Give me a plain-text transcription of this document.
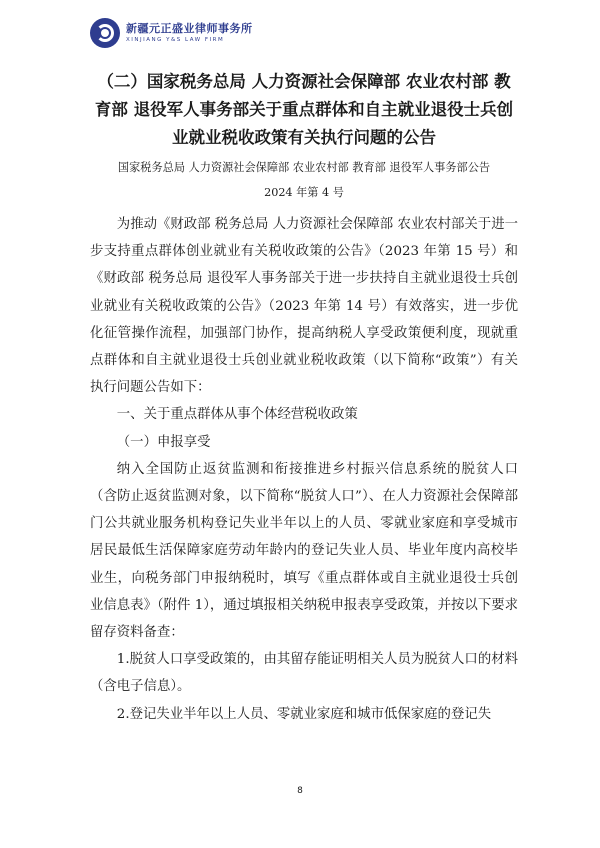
新疆元正盛业律师事务所
XINJIANG Y&S LAW FIRM
（二）国家税务总局 人力资源社会保障部 农业农村部 教育部 退役军人事务部关于重点群体和自主就业退役士兵创业就业税收政策有关执行问题的公告

国家税务总局 人力资源社会保障部 农业农村部 教育部 退役军人事务部公告

2024 年第 4 号

为推动《财政部 税务总局 人力资源社会保障部 农业农村部关于进一步支持重点群体创业就业有关税收政策的公告》（2023 年第 15 号）和《财政部 税务总局 退役军人事务部关于进一步扶持自主就业退役士兵创业就业有关税收政策的公告》（2023 年第 14 号）有效落实，进一步优化征管操作流程，加强部门协作，提高纳税人享受政策便利度，现就重点群体和自主就业退役士兵创业就业税收政策（以下简称“政策”）有关执行问题公告如下：

一、关于重点群体从事个体经营税收政策

（一）申报享受

纳入全国防止返贫监测和衔接推进乡村振兴信息系统的脱贫人口（含防止返贫监测对象，以下简称“脱贫人口”）、在人力资源社会保障部门公共就业服务机构登记失业半年以上的人员、零就业家庭和享受城市居民最低生活保障家庭劳动年龄内的登记失业人员、毕业年度内高校毕业生，向税务部门申报纳税时，填写《重点群体或自主就业退役士兵创业信息表》（附件 1），通过填报相关纳税申报表享受政策，并按以下要求留存资料备查：

1.脱贫人口享受政策的，由其留存能证明相关人员为脱贫人口的材料（含电子信息）。

2.登记失业半年以上人员、零就业家庭和城市低保家庭的登记失

8
